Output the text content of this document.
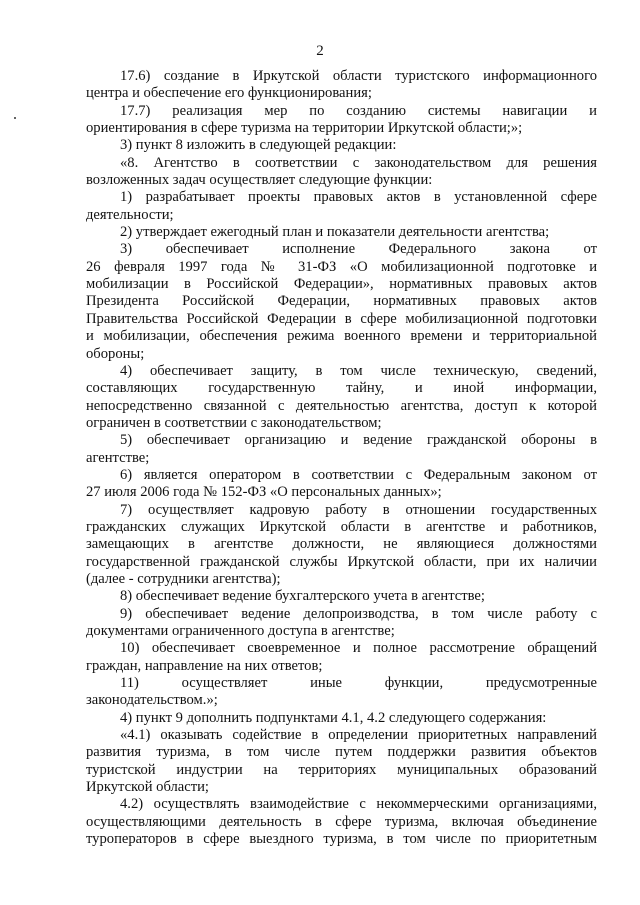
2
17.6) создание в Иркутской области туристского информационного
центра и обеспечение его функционирования;
17.7) реализация мер по созданию системы навигации и
ориентирования в сфере туризма на территории Иркутской области;»;
3) пункт 8 изложить в следующей редакции:
«8. Агентство в соответствии с законодательством для решения
возложенных задач осуществляет следующие функции:
1) разрабатывает проекты правовых актов в установленной сфере
деятельности;
2) утверждает ежегодный план и показатели деятельности агентства;
3) обеспечивает исполнение Федерального закона от
26 февраля 1997 года № 31-ФЗ «О мобилизационной подготовке и
мобилизации в Российской Федерации», нормативных правовых актов
Президента Российской Федерации, нормативных правовых актов
Правительства Российской Федерации в сфере мобилизационной подготовки
и мобилизации, обеспечения режима военного времени и территориальной
обороны;
4) обеспечивает защиту, в том числе техническую, сведений,
составляющих государственную тайну, и иной информации,
непосредственно связанной с деятельностью агентства, доступ к которой
ограничен в соответствии с законодательством;
5) обеспечивает организацию и ведение гражданской обороны в
агентстве;
6) является оператором в соответствии с Федеральным законом от
27 июля 2006 года № 152-ФЗ «О персональных данных»;
7) осуществляет кадровую работу в отношении государственных
гражданских служащих Иркутской области в агентстве и работников,
замещающих в агентстве должности, не являющиеся должностями
государственной гражданской службы Иркутской области, при их наличии
(далее - сотрудники агентства);
8) обеспечивает ведение бухгалтерского учета в агентстве;
9) обеспечивает ведение делопроизводства, в том числе работу с
документами ограниченного доступа в агентстве;
10) обеспечивает своевременное и полное рассмотрение обращений
граждан, направление на них ответов;
11) осуществляет иные функции, предусмотренные
законодательством.»;
4) пункт 9 дополнить подпунктами 4.1, 4.2 следующего содержания:
«4.1) оказывать содействие в определении приоритетных направлений
развития туризма, в том числе путем поддержки развития объектов
туристской индустрии на территориях муниципальных образований
Иркутской области;
4.2) осуществлять взаимодействие с некоммерческими организациями,
осуществляющими деятельность в сфере туризма, включая объединение
туроператоров в сфере выездного туризма, в том числе по приоритетным
